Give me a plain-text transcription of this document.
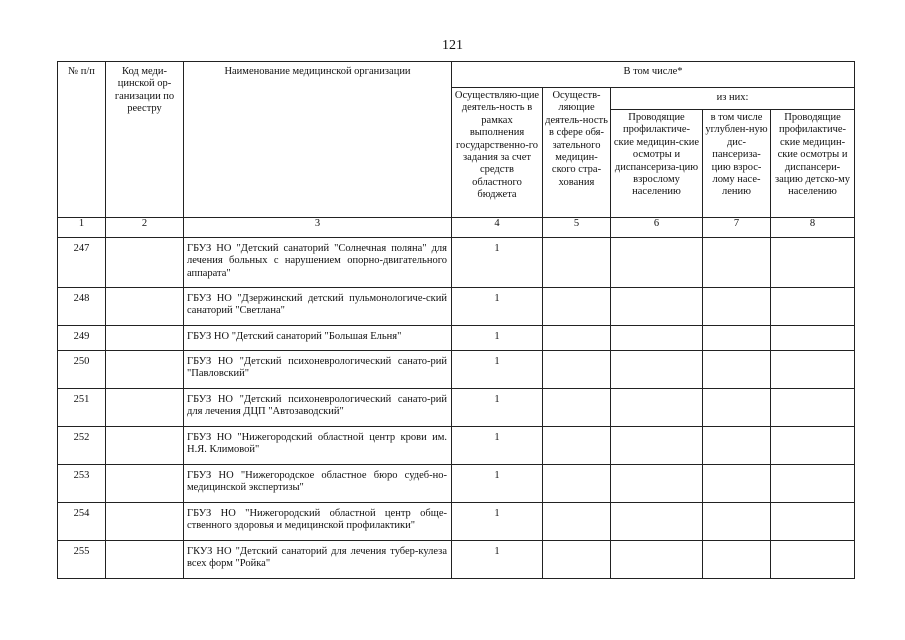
121
№ п/п	Код меди-цинской ор-ганизации по реестру	Наименование медицинской организации	В том числе*				
			Осуществляю-щие деятель-ность в рамках выполнения государственно-го задания за счет средств областного бюджета	Осуществ-ляющие деятель-ность в сфере обя-зательного медицин-ского стра-хования	из них:		
					Проводящие профилактиче-ские медицин-ские осмотры и диспансериза-цию взрослому населению	в том числе углублен-ную дис-пансериза-цию взрос-лому насе-лению	Проводящие профилактиче-ские медицин-ские осмотры и диспансери-зацию детско-му населению
1	2	3	4	5	6	7	8
247		ГБУЗ НО "Детский санаторий "Солнечная поляна" для лечения больных с нарушением опорно-двигательного аппарата"	1				
248		ГБУЗ НО "Дзержинский детский пульмонологиче-ский санаторий "Светлана"	1				
249		ГБУЗ НО "Детский санаторий "Большая Ельня"	1				
250		ГБУЗ НО "Детский психоневрологический санато-рий "Павловский"	1				
251		ГБУЗ НО "Детский психоневрологический санато-рий для лечения ДЦП "Автозаводский"	1				
252		ГБУЗ НО "Нижегородский областной центр крови им. Н.Я. Климовой"	1				
253		ГБУЗ НО "Нижегородское областное бюро судеб-но-медицинской экспертизы"	1				
254		ГБУЗ НО "Нижегородский областной центр обще-ственного здоровья и медицинской профилактики"	1				
255		ГКУЗ НО "Детский санаторий для лечения тубер-кулеза всех форм "Ройка"	1				
